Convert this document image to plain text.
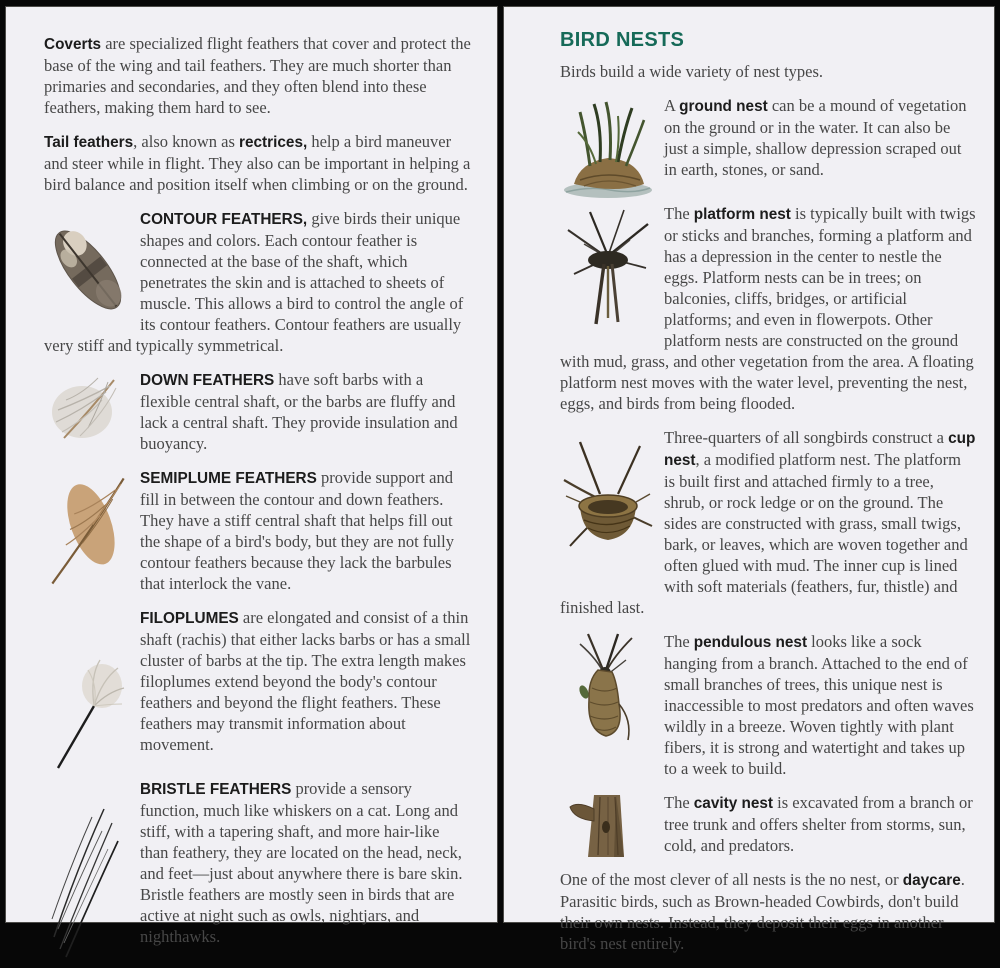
Coverts are specialized flight feathers that cover and protect the base of the wing and tail feathers. They are much shorter than primaries and secondaries, and they often blend into these feathers, making them hard to see.

Tail feathers, also known as rectrices, help a bird maneuver and steer while in flight. They also can be important in helping a bird balance and position itself when climbing or on the ground.

CONTOUR FEATHERS, give birds their unique shapes and colors. Each contour feather is connected at the base of the shaft, which penetrates the skin and is attached to sheets of muscle. This allows a bird to control the angle of its contour feathers. Contour feathers are usually very stiff and typically symmetrical.

DOWN FEATHERS have soft barbs with a flexible central shaft, or the barbs are fluffy and lack a central shaft. They provide insulation and buoyancy.

SEMIPLUME FEATHERS provide support and fill in between the contour and down feathers. They have a stiff central shaft that helps fill out the shape of a bird's body, but they are not fully contour feathers because they lack the barbules that interlock the vane.

FILOPLUMES are elongated and consist of a thin shaft (rachis) that either lacks barbs or has a small cluster of barbs at the tip. The extra length makes filoplumes extend beyond the body's contour feathers and beyond the flight feathers. These feathers may transmit information about movement.

BRISTLE FEATHERS provide a sensory function, much like whiskers on a cat. Long and stiff, with a tapering shaft, and more hair-like than feathery, they are located on the head, neck, and feet—just about anywhere there is bare skin. Bristle feathers are mostly seen in birds that are active at night such as owls, nightjars, and nighthawks.

BIRD NESTS

Birds build a wide variety of nest types.

A ground nest can be a mound of vegetation on the ground or in the water. It can also be just a simple, shallow depression scraped out in earth, stones, or sand.

The platform nest is typically built with twigs or sticks and branches, forming a platform and has a depression in the center to nestle the eggs. Platform nests can be in trees; on balconies, cliffs, bridges, or artificial platforms; and even in flowerpots. Other platform nests are constructed on the ground with mud, grass, and other vegetation from the area. A floating platform nest moves with the water level, preventing the nest, eggs, and birds from being flooded.

Three-quarters of all songbirds construct a cup nest, a modified platform nest. The platform is built first and attached firmly to a tree, shrub, or rock ledge or on the ground. The sides are constructed with grass, small twigs, bark, or leaves, which are woven together and often glued with mud. The inner cup is lined with soft materials (feathers, fur, thistle) and finished last.

The pendulous nest looks like a sock hanging from a branch. Attached to the end of small branches of trees, this unique nest is inaccessible to most predators and often waves wildly in a breeze. Woven tightly with plant fibers, it is strong and watertight and takes up to a week to build.

The cavity nest is excavated from a branch or tree trunk and offers shelter from storms, sun, cold, and predators.

One of the most clever of all nests is the no nest, or daycare. Parasitic birds, such as Brown-headed Cowbirds, don't build their own nests. Instead, they deposit their eggs in another bird's nest entirely.
